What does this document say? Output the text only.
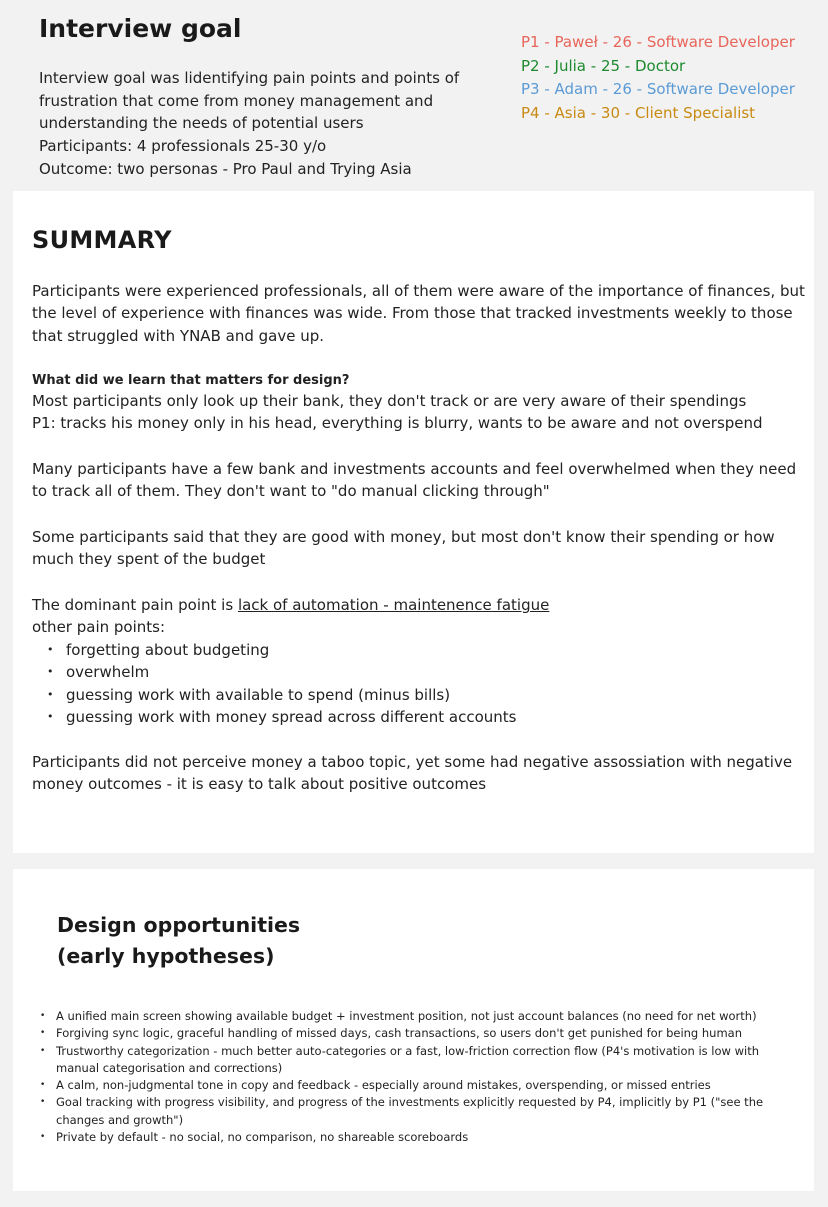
Interview goal
Interview goal was lidentifying pain points and points of
frustration that come from money management and
understanding the needs of potential users
Participants: 4 professionals 25-30 y/o
Outcome: two personas - Pro Paul and Trying Asia
P1 - Paweł - 26 - Software Developer
P2 - Julia - 25 - Doctor
P3 - Adam - 26 - Software Developer
P4 - Asia - 30 - Client Specialist
SUMMARY
Participants were experienced professionals, all of them were aware of the importance of finances, but
the level of experience with finances was wide. From those that tracked investments weekly to those
that struggled with YNAB and gave up.
What did we learn that matters for design?
Most participants only look up their bank, they don't track or are very aware of their spendings
P1: tracks his money only in his head, everything is blurry, wants to be aware and not overspend
Many participants have a few bank and investments accounts and feel overwhelmed when they need
to track all of them. They don't want to "do manual clicking through"
Some participants said that they are good with money, but most don't know their spending or how
much they spent of the budget
The dominant pain point is lack of automation - maintenence fatigue
other pain points:
• forgetting about budgeting
• overwhelm
• guessing work with available to spend (minus bills)
• guessing work with money spread across different accounts
Participants did not perceive money a taboo topic, yet some had negative assossiation with negative
money outcomes - it is easy to talk about positive outcomes
Design opportunities
(early hypotheses)
• A unified main screen showing available budget + investment position, not just account balances (no need for net worth)
• Forgiving sync logic, graceful handling of missed days, cash transactions, so users don't get punished for being human
• Trustworthy categorization - much better auto-categories or a fast, low-friction correction flow (P4's motivation is low with manual categorisation and corrections)
• A calm, non-judgmental tone in copy and feedback - especially around mistakes, overspending, or missed entries
• Goal tracking with progress visibility, and progress of the investments explicitly requested by P4, implicitly by P1 ("see the changes and growth")
• Private by default - no social, no comparison, no shareable scoreboards
